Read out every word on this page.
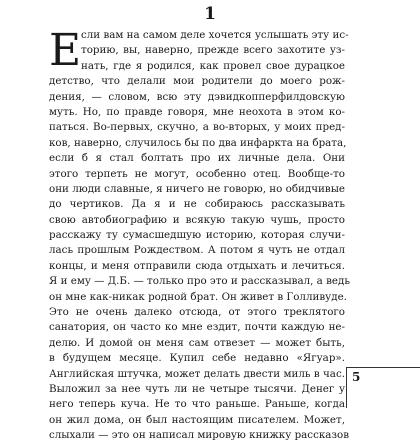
1
Е сли вам на самом деле хочется услышать эту ис-
торию, вы, наверно, прежде всего захотите уз-
нать, где я родился, как провел свое дурацкое
детство, что делали мои родители до моего рож-
дения, — словом, всю эту дэвидкопперфилдовскую
муть. Но, по правде говоря, мне неохота в этом ко-
паться. Во-первых, скучно, а во-вторых, у моих пред-
ков, наверно, случилось бы по два инфаркта на брата,
если б я стал болтать про их личные дела. Они
этого терпеть не могут, особенно отец. Вообще-то
они люди славные, я ничего не говорю, но обидчивые
до чертиков. Да я и не собираюсь рассказывать
свою автобиографию и всякую такую чушь, просто
расскажу ту сумасшедшую историю, которая случи-
лась прошлым Рождеством. А потом я чуть не отдал
концы, и меня отправили сюда отдыхать и лечиться.
Я и ему — Д.Б. — только про это и рассказывал, а ведь
он мне как-никак родной брат. Он живет в Голливуде.
Это не очень далеко отсюда, от этого треклятого
санатория, он часто ко мне ездит, почти каждую не-
делю. И домой он меня сам отвезет — может быть,
в будущем месяце. Купил себе недавно «Ягуар».
Английская штучка, может делать двести миль в час.
Выложил за нее чуть ли не четыре тысячи. Денег у
него теперь куча. Не то что раньше. Раньше, когда
он жил дома, он был настоящим писателем. Может,
слыхали — это он написал мировую книжку рассказов
5
